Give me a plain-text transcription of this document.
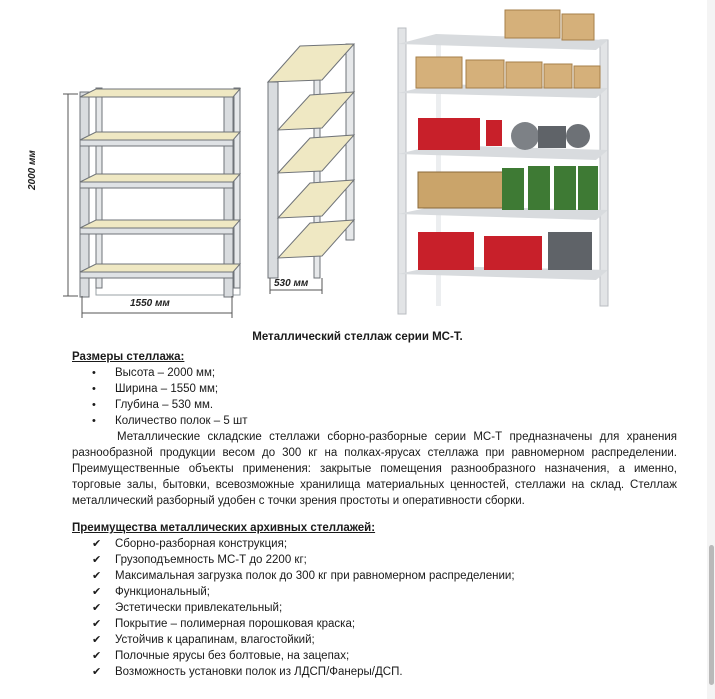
2000 мм
1550 мм
530 мм
Металлический стеллаж серии МС-Т.

Размеры стеллажа:

•	Высота – 2000 мм;
•	Ширина – 1550 мм;
•	Глубина – 530 мм.
•	Количество полок – 5 шт

Металлические складские стеллажи сборно-разборные серии МС-Т предназначены для хранения разнообразной продукции весом до 300 кг на полках-ярусах стеллажа при равномерном распределении. Преимущественные объекты применения: закрытые помещения разнообразного назначения, а именно, торговые залы, бытовки, всевозможные хранилища материальных ценностей, стеллажи на склад. Стеллаж металлический разборный удобен с точки зрения простоты и оперативности сборки.

Преимущества металлических архивных стеллажей:

✔	Сборно-разборная конструкция;
✔	Грузоподъемность МС-Т до 2200 кг;
✔	Максимальная загрузка полок до 300 кг при равномерном распределении;
✔	Функциональный;
✔	Эстетически привлекательный;
✔	Покрытие – полимерная порошковая краска;
✔	Устойчив к царапинам, влагостойкий;
✔	Полочные ярусы без болтовые, на зацепах;
✔	Возможность установки полок из ЛДСП/Фанеры/ДСП.
